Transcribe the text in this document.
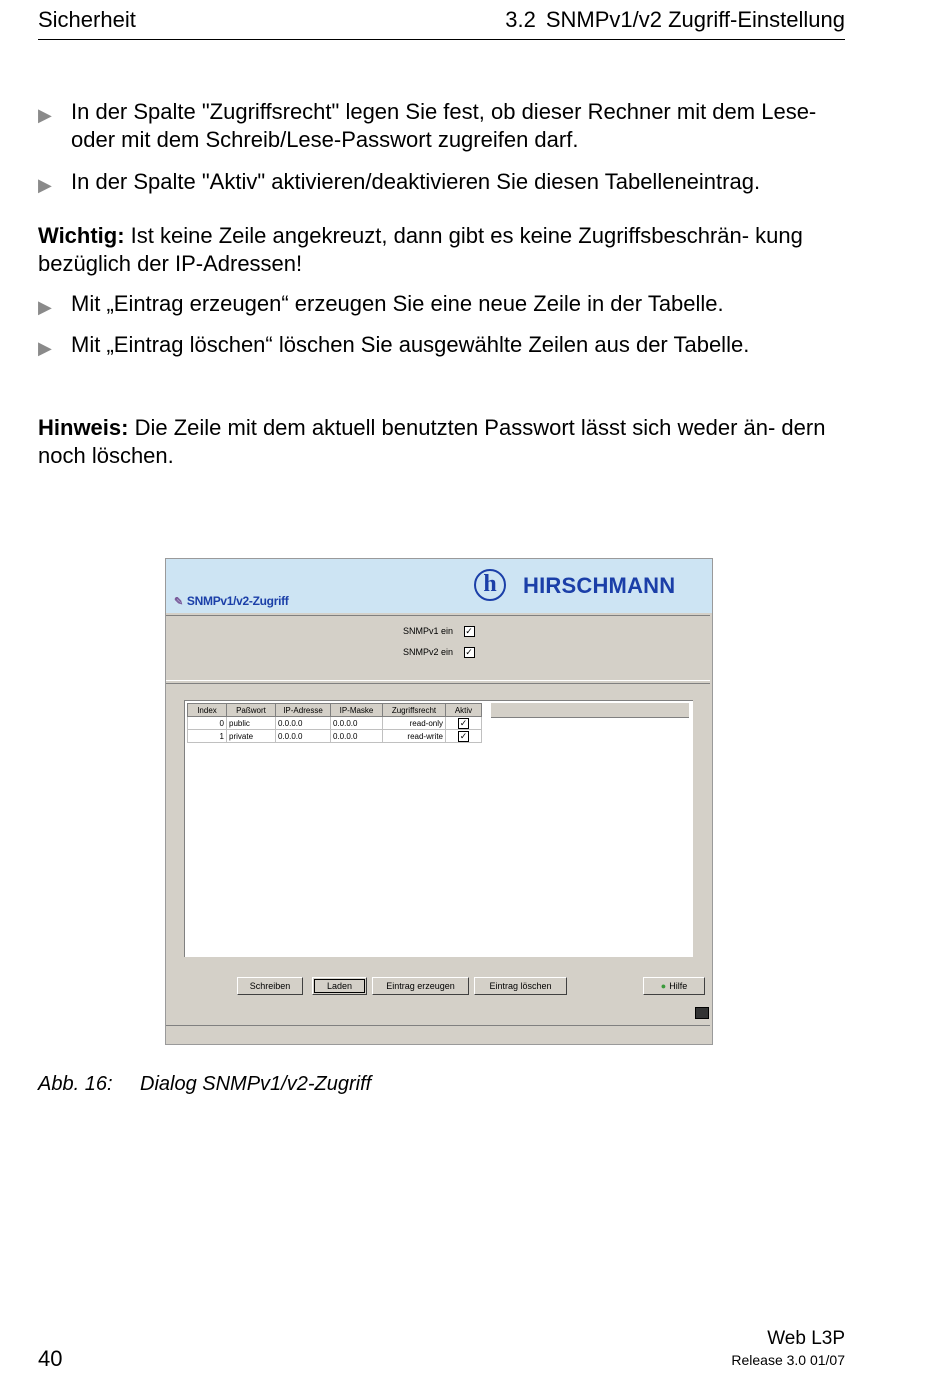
Sicherheit	3.2 SNMPv1/v2 Zugriff-Einstellung
▶ In der Spalte "Zugriffsrecht" legen Sie fest, ob dieser Rechner mit dem Lese- oder mit dem Schreib/Lese-Passwort zugreifen darf.
▶ In der Spalte "Aktiv" aktivieren/deaktivieren Sie diesen Tabelleneintrag.
Wichtig: Ist keine Zeile angekreuzt, dann gibt es keine Zugriffsbeschrän- kung bezüglich der IP-Adressen!
▶ Mit „Eintrag erzeugen“ erzeugen Sie eine neue Zeile in der Tabelle.
▶ Mit „Eintrag löschen“ löschen Sie ausgewählte Zeilen aus der Tabelle.
Hinweis: Die Zeile mit dem aktuell benutzten Passwort lässt sich weder än- dern noch löschen.
✎ SNMPv1/v2-Zugriff
h	HIRSCHMANN
SNMPv1 ein ✓
SNMPv2 ein ✓
Index	Paßwort	IP-Adresse	IP-Maske	Zugriffsrecht	Aktiv
0	public	0.0.0.0	0.0.0.0	read-only	✓
1	private	0.0.0.0	0.0.0.0	read-write	✓
Schreiben	Laden	Eintrag erzeugen	Eintrag löschen	● Hilfe
Abb. 16: Dialog SNMPv1/v2-Zugriff
40
Web L3P
Release 3.0 01/07
